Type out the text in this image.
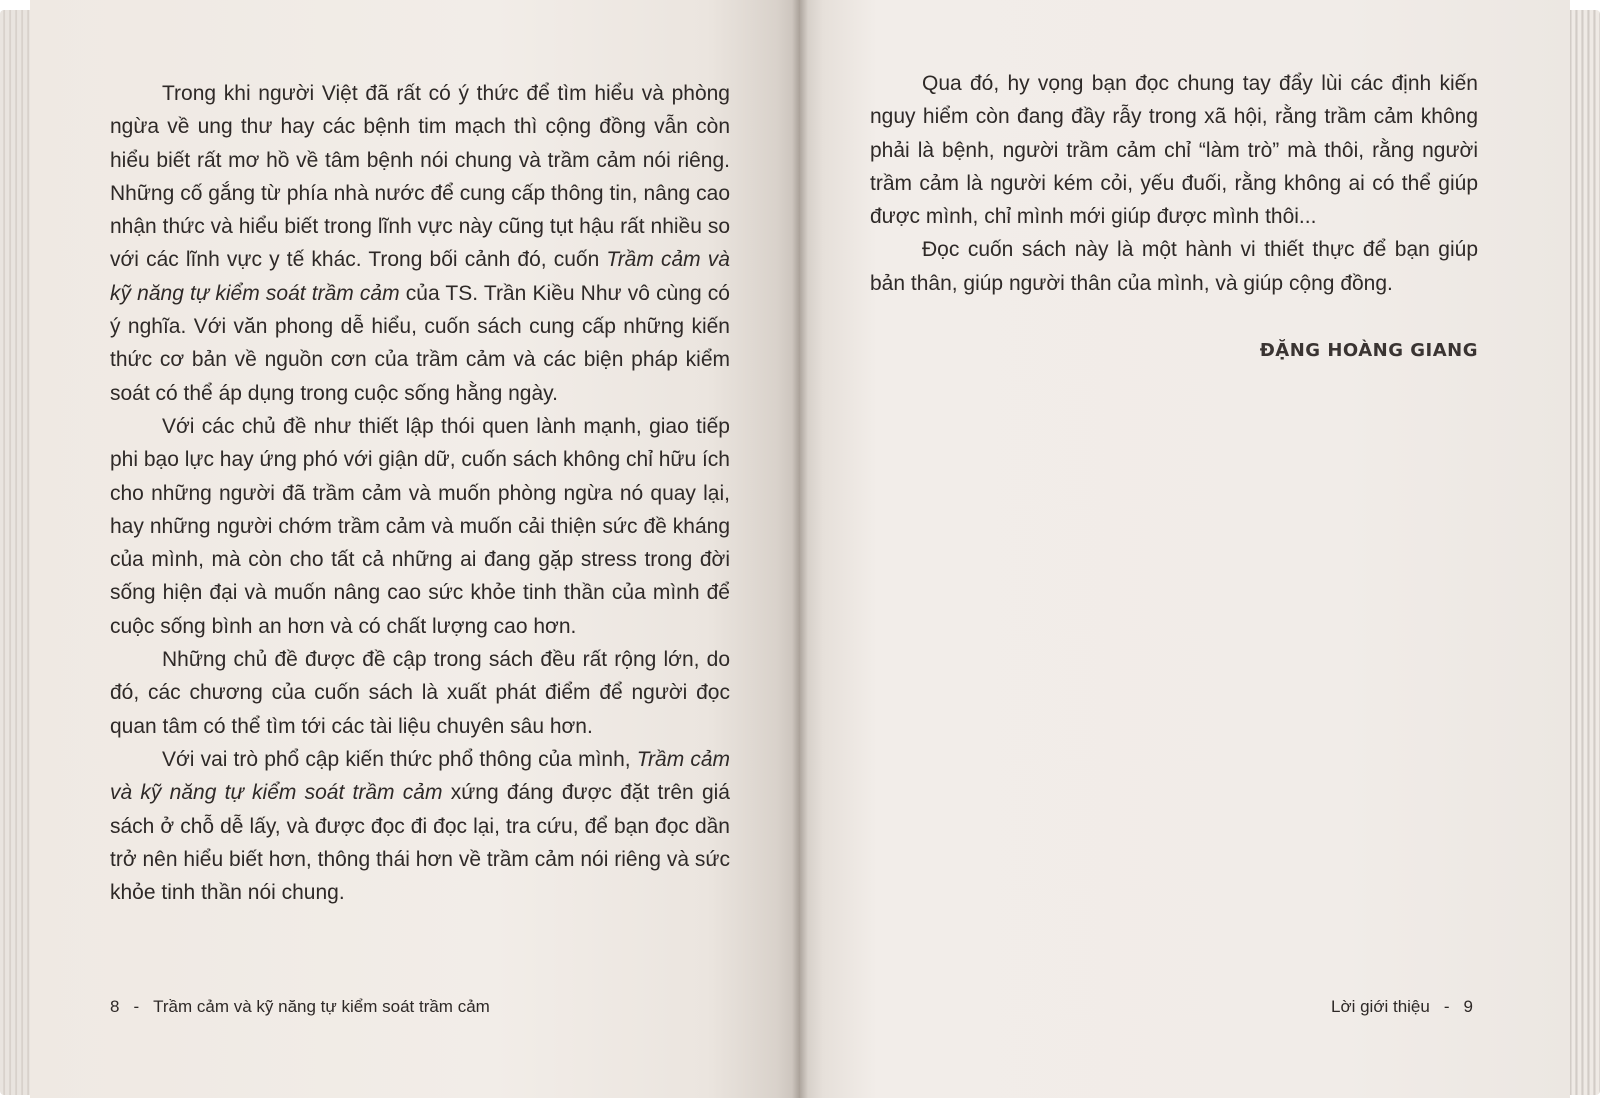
Trong khi người Việt đã rất có ý thức để tìm hiểu và phòng ngừa về ung thư hay các bệnh tim mạch thì cộng đồng vẫn còn hiểu biết rất mơ hồ về tâm bệnh nói chung và trầm cảm nói riêng. Những cố gắng từ phía nhà nước để cung cấp thông tin, nâng cao nhận thức và hiểu biết trong lĩnh vực này cũng tụt hậu rất nhiều so với các lĩnh vực y tế khác. Trong bối cảnh đó, cuốn Trầm cảm và kỹ năng tự kiểm soát trầm cảm của TS. Trần Kiều Như vô cùng có ý nghĩa. Với văn phong dễ hiểu, cuốn sách cung cấp những kiến thức cơ bản về nguồn cơn của trầm cảm và các biện pháp kiểm soát có thể áp dụng trong cuộc sống hằng ngày.

Với các chủ đề như thiết lập thói quen lành mạnh, giao tiếp phi bạo lực hay ứng phó với giận dữ, cuốn sách không chỉ hữu ích cho những người đã trầm cảm và muốn phòng ngừa nó quay lại, hay những người chớm trầm cảm và muốn cải thiện sức đề kháng của mình, mà còn cho tất cả những ai đang gặp stress trong đời sống hiện đại và muốn nâng cao sức khỏe tinh thần của mình để cuộc sống bình an hơn và có chất lượng cao hơn.

Những chủ đề được đề cập trong sách đều rất rộng lớn, do đó, các chương của cuốn sách là xuất phát điểm để người đọc quan tâm có thể tìm tới các tài liệu chuyên sâu hơn.

Với vai trò phổ cập kiến thức phổ thông của mình, Trầm cảm và kỹ năng tự kiểm soát trầm cảm xứng đáng được đặt trên giá sách ở chỗ dễ lấy, và được đọc đi đọc lại, tra cứu, để bạn đọc dần trở nên hiểu biết hơn, thông thái hơn về trầm cảm nói riêng và sức khỏe tinh thần nói chung.

Qua đó, hy vọng bạn đọc chung tay đẩy lùi các định kiến nguy hiểm còn đang đầy rẫy trong xã hội, rằng trầm cảm không phải là bệnh, người trầm cảm chỉ “làm trò” mà thôi, rằng người trầm cảm là người kém cỏi, yếu đuối, rằng không ai có thể giúp được mình, chỉ mình mới giúp được mình thôi...

Đọc cuốn sách này là một hành vi thiết thực để bạn giúp bản thân, giúp người thân của mình, và giúp cộng đồng.

ĐẶNG HOÀNG GIANG
8 - Trầm cảm và kỹ năng tự kiểm soát trầm cảm	Lời giới thiệu - 9
